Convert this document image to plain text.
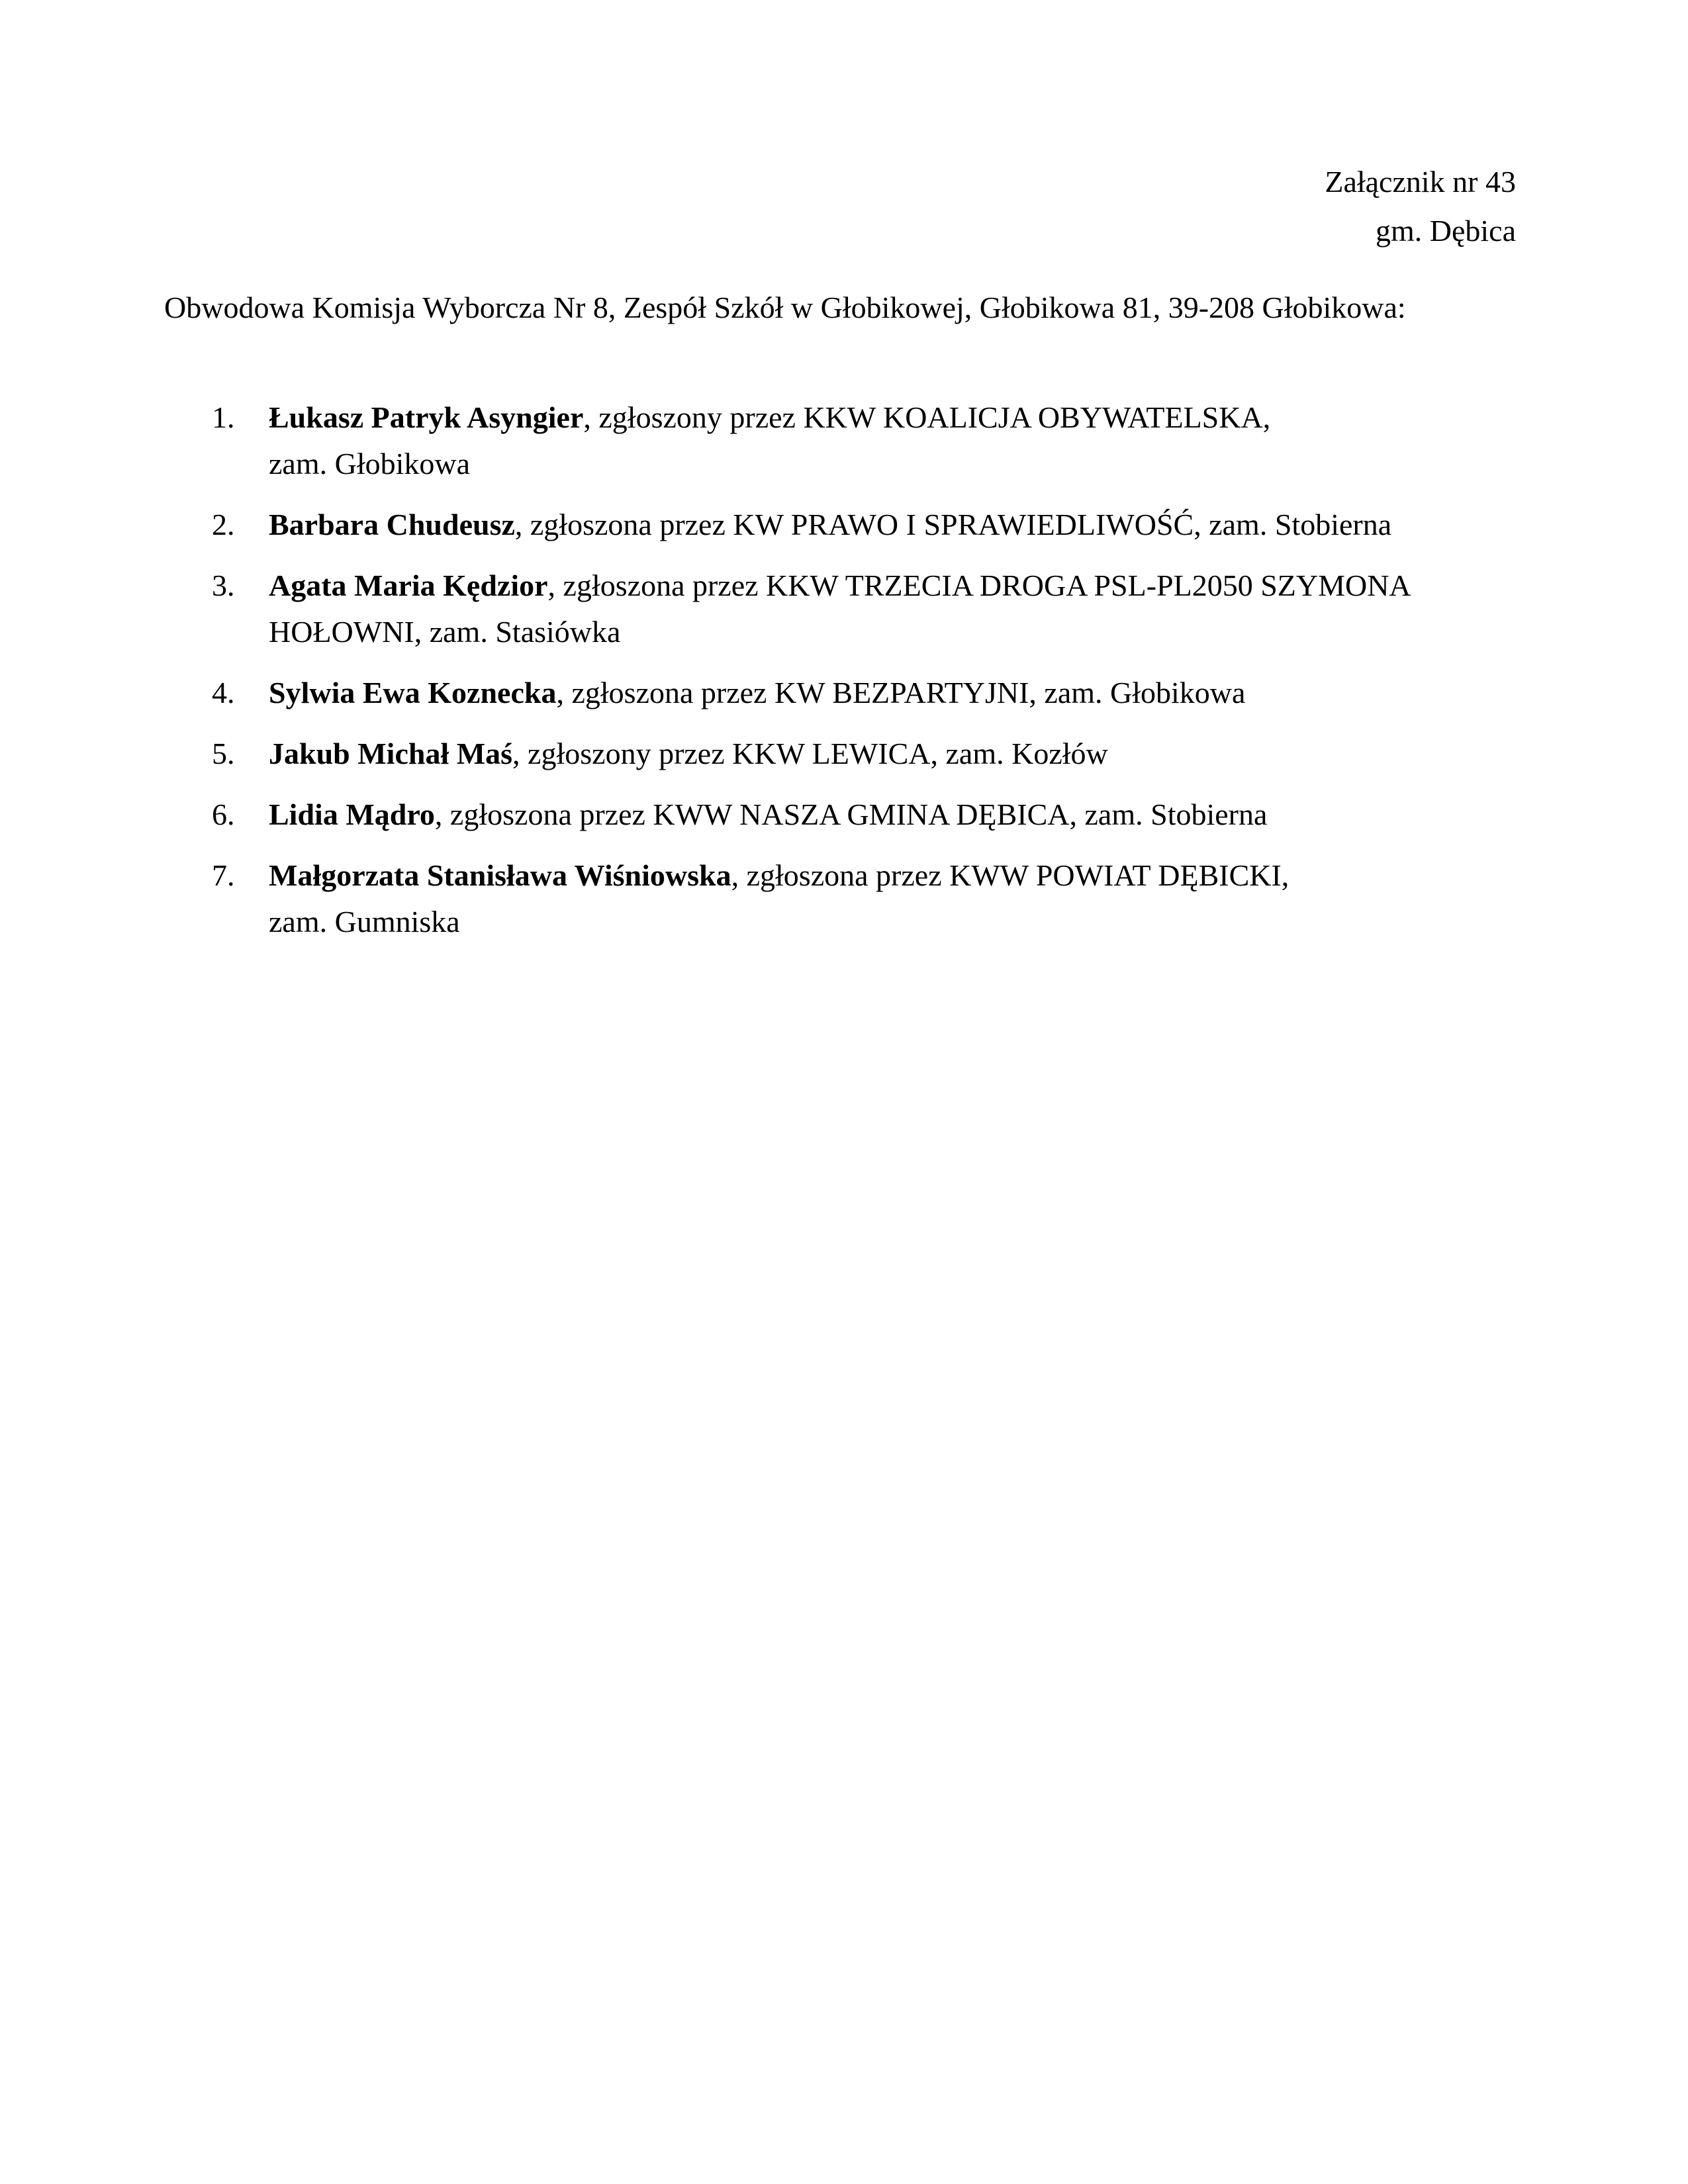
Załącznik nr 43
gm. Dębica
Obwodowa Komisja Wyborcza Nr 8, Zespół Szkół w Głobikowej, Głobikowa 81, 39-208 Głobikowa:
1. Łukasz Patryk Asyngier, zgłoszony przez KKW KOALICJA OBYWATELSKA,
zam. Głobikowa
2. Barbara Chudeusz, zgłoszona przez KW PRAWO I SPRAWIEDLIWOŚĆ, zam. Stobierna
3. Agata Maria Kędzior, zgłoszona przez KKW TRZECIA DROGA PSL-PL2050 SZYMONA
HOŁOWNI, zam. Stasiówka
4. Sylwia Ewa Koznecka, zgłoszona przez KW BEZPARTYJNI, zam. Głobikowa
5. Jakub Michał Maś, zgłoszony przez KKW LEWICA, zam. Kozłów
6. Lidia Mądro, zgłoszona przez KWW NASZA GMINA DĘBICA, zam. Stobierna
7. Małgorzata Stanisława Wiśniowska, zgłoszona przez KWW POWIAT DĘBICKI,
zam. Gumniska
